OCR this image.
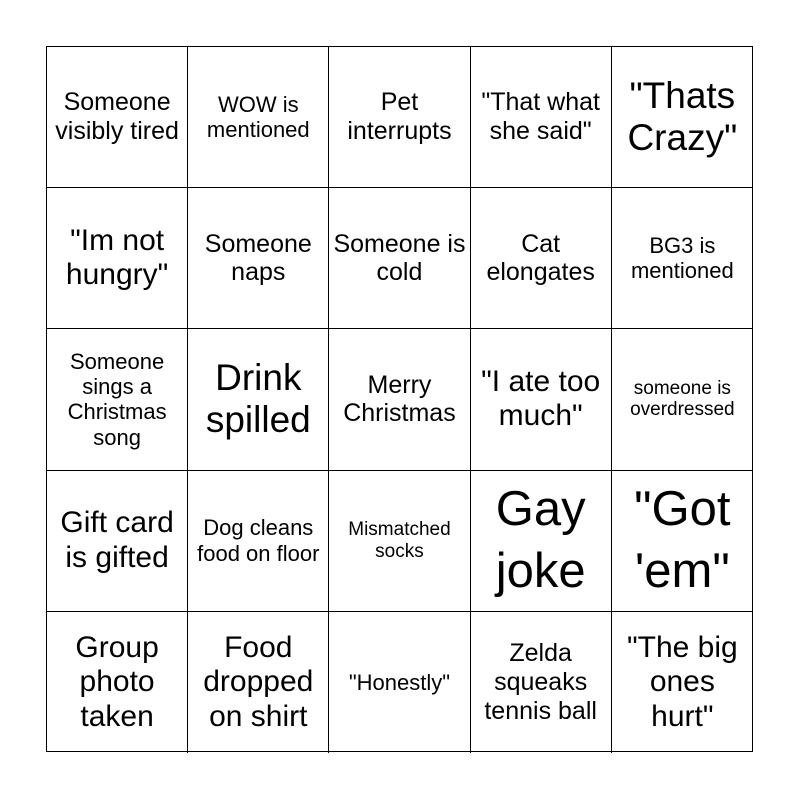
Someone visibly tired
WOW is mentioned
Pet interrupts
"That what she said"
"Thats Crazy"
"Im not hungry"
Someone naps
Someone is cold
Cat elongates
BG3 is mentioned
Someone sings a Christmas song
Drink spilled
Merry Christmas
"I ate too much"
someone is overdressed
Gift card is gifted
Dog cleans food on floor
Mismatched socks
Gay joke
"Got 'em"
Group photo taken
Food dropped on shirt
"Honestly"
Zelda squeaks tennis ball
"The big ones hurt"
